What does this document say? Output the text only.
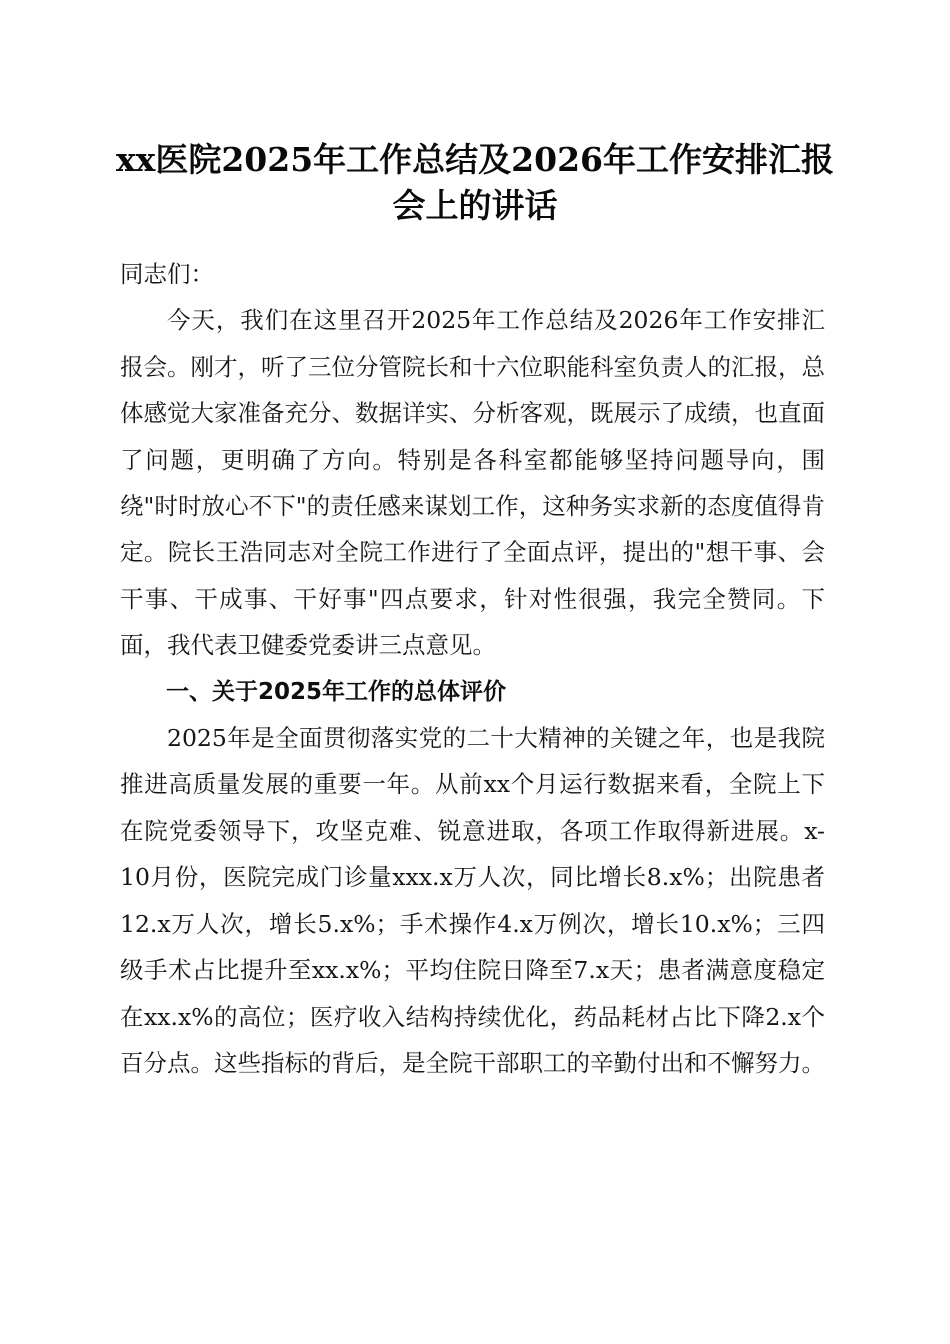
xx医院2025年工作总结及2026年工作安排汇报会上的讲话

同志们：

今天，我们在这里召开2025年工作总结及2026年工作安排汇报会。刚才，听了三位分管院长和十六位职能科室负责人的汇报，总体感觉大家准备充分、数据详实、分析客观，既展示了成绩，也直面了问题，更明确了方向。特别是各科室都能够坚持问题导向，围绕"时时放心不下"的责任感来谋划工作，这种务实求新的态度值得肯定。院长王浩同志对全院工作进行了全面点评，提出的"想干事、会干事、干成事、干好事"四点要求，针对性很强，我完全赞同。下面，我代表卫健委党委讲三点意见。

一、关于2025年工作的总体评价

2025年是全面贯彻落实党的二十大精神的关键之年，也是我院推进高质量发展的重要一年。从前xx个月运行数据来看，全院上下在院党委领导下，攻坚克难、锐意进取，各项工作取得新进展。x-10月份，医院完成门诊量xxx.x万人次，同比增长8.x%；出院患者12.x万人次，增长5.x%；手术操作4.x万例次，增长10.x%；三四级手术占比提升至xx.x%；平均住院日降至7.x天；患者满意度稳定在xx.x%的高位；医疗收入结构持续优化，药品耗材占比下降2.x个百分点。这些指标的背后，是全院干部职工的辛勤付出和不懈努力。
